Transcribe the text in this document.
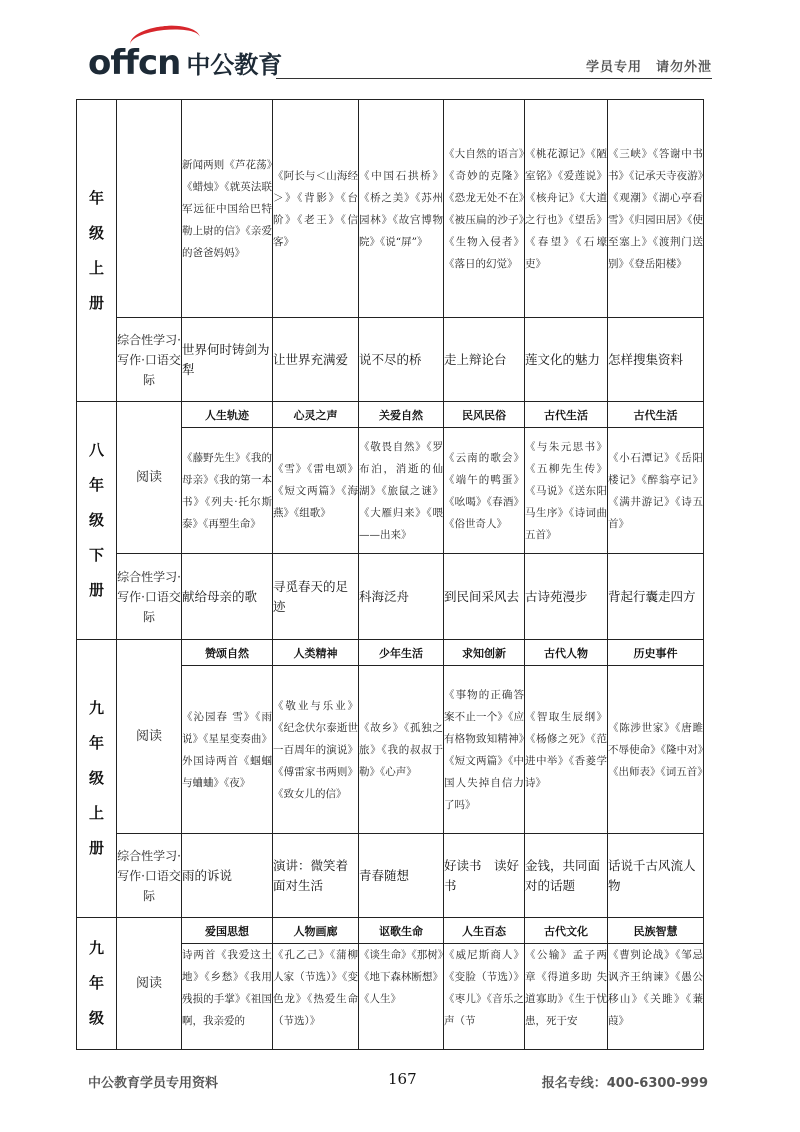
offcn 中公教育	学员专用　请勿外泄
年
级
上
册		新闻两则《芦花荡》《蜡烛》《就英法联军远征中国给巴特勒上尉的信》《亲爱的爸爸妈妈》	《阿长与＜山海经＞》《背影》《台阶》《老王》《信客》	《中国石拱桥》《桥之美》《苏州园林》《故宫博物院》《说“屏”》	《大自然的语言》《奇妙的克隆》《恐龙无处不在》《被压扁的沙子》《生物入侵者》《落日的幻觉》	《桃花源记》《陋室铭》《爱莲说》《核舟记》《大道之行也》《望岳》《春望》《石壕吏》	《三峡》《答谢中书书》《记承天寺夜游》《观潮》《湖心亭看雪》《归园田居》《使至塞上》《渡荆门送别》《登岳阳楼》
	综合性学习·写作·口语交际	世界何时铸剑为犁	让世界充满爱	说不尽的桥	走上辩论台	莲文化的魅力	怎样搜集资料

八
年
级
下
册	阅读	人生轨迹	心灵之声	关爱自然	民风民俗	古代生活	古代生活
		《藤野先生》《我的母亲》《我的第一本书》《列夫·托尔斯泰》《再塑生命》	《雪》《雷电颂》《短文两篇》《海燕》《组歌》	《敬畏自然》《罗布泊，消逝的仙湖》《旅鼠之谜》《大雁归来》《喂——出来》	《云南的歌会》《端午的鸭蛋》《吆喝》《春酒》《俗世奇人》	《与朱元思书》《五柳先生传》《马说》《送东阳马生序》《诗词曲五首》	《小石潭记》《岳阳楼记》《醉翁亭记》《满井游记》《诗五首》
	综合性学习·写作·口语交际	献给母亲的歌	寻觅春天的足迹	科海泛舟	到民间采风去	古诗苑漫步	背起行囊走四方

九
年
级
上
册	阅读	赞颂自然	人类精神	少年生活	求知创新	古代人物	历史事件
		《沁园春 雪》《雨说》《星星变奏曲》外国诗两首《蝈蝈与蛐蛐》《夜》	《敬业与乐业》《纪念伏尔泰逝世一百周年的演说》《傅雷家书两则》《致女儿的信》	《故乡》《孤独之旅》《我的叔叔于勒》《心声》	《事物的正确答案不止一个》《应有格物致知精神》《短文两篇》《中国人失掉自信力了吗》	《智取生辰纲》《杨修之死》《范进中举》《香菱学诗》	《陈涉世家》《唐雎不辱使命》《隆中对》《出师表》《词五首》
	综合性学习·写作·口语交际	雨的诉说	演讲：微笑着面对生活	青春随想	好读书　读好书	金钱，共同面对的话题	话说千古风流人物

九
年
级	阅读	爱国思想	人物画廊	讴歌生命	人生百态	古代文化	民族智慧
		诗两首《我爱这土地》《乡愁》《我用残损的手掌》《祖国啊，我亲爱的	《孔乙己》《蒲柳人家（节选）》《变色龙》《热爱生命（节选）》	《谈生命》《那树》《地下森林断想》《人生》	《威尼斯商人》《变脸（节选）》《枣儿》《音乐之声（节	《公输》孟子两章《得道多助 失道寡助》《生于忧患，死于安	《曹刿论战》《邹忌讽齐王纳谏》《愚公移山》《关雎》《蒹葭》
中公教育学员专用资料	167	报名专线：400-6300-999
